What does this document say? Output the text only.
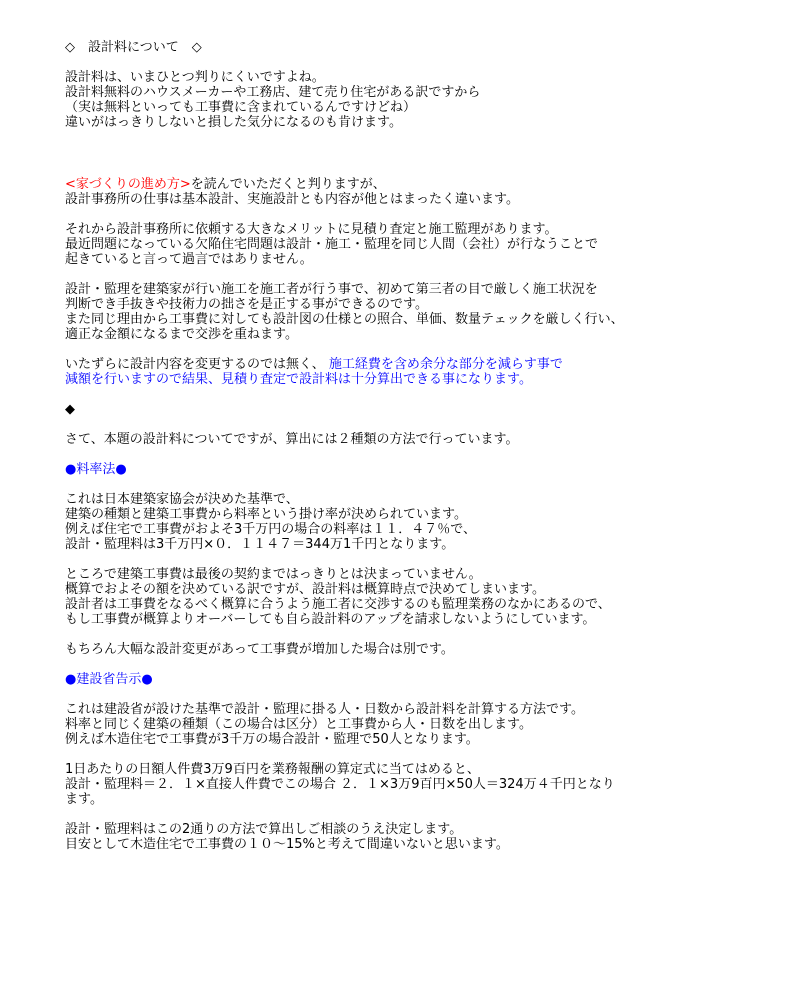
◇　設計料について　◇
設計料は、いまひとつ判りにくいですよね。
設計料無料のハウスメーカーや工務店、建て売り住宅がある訳ですから
（実は無料といっても工事費に含まれているんですけどね）
違いがはっきりしないと損した気分になるのも肯けます。
<家づくりの進め方>を読んでいただくと判りますが、
設計事務所の仕事は基本設計、実施設計とも内容が他とはまったく違います。
それから設計事務所に依頼する大きなメリットに見積り査定と施工監理があります。
最近問題になっている欠陥住宅問題は設計・施工・監理を同じ人間（会社）が行なうことで
起きていると言って過言ではありません。
設計・監理を建築家が行い施工を施工者が行う事で、初めて第三者の目で厳しく施工状況を
判断でき手抜きや技術力の拙さを是正する事ができるのです。
また同じ理由から工事費に対しても設計図の仕様との照合、単価、数量テェックを厳しく行い、
適正な金額になるまで交渉を重ねます。
いたずらに設計内容を変更するのでは無く、 施工経費を含め余分な部分を減らす事で
減額を行いますので結果、見積り査定で設計料は十分算出できる事になります。
◆
さて、本題の設計料についてですが、算出には２種類の方法で行っています。
●料率法●
これは日本建築家協会が決めた基準で、
建築の種類と建築工事費から料率という掛け率が決められています。
例えば住宅で工事費がおよそ3千万円の場合の料率は１１．４７％で、
設計・監理料は3千万円×０．１１４７＝344万1千円となります。
ところで建築工事費は最後の契約まではっきりとは決まっていません。
概算でおよその額を決めている訳ですが、設計料は概算時点で決めてしまいます。
設計者は工事費をなるべく概算に合うよう施工者に交渉するのも監理業務のなかにあるので、
もし工事費が概算よりオーバーしても自ら設計料のアップを請求しないようにしています。
もちろん大幅な設計変更があって工事費が増加した場合は別です。
●建設省告示●
これは建設省が設けた基準で設計・監理に掛る人・日数から設計料を計算する方法です。
料率と同じく建築の種類（この場合は区分）と工事費から人・日数を出します。
例えば木造住宅で工事費が3千万の場合設計・監理で50人となります。
1日あたりの日額人件費3万9百円を業務報酬の算定式に当てはめると、
設計・監理料＝２．１×直接人件費でこの場合 ２．１×3万9百円×50人＝324万４千円となり
ます。
設計・監理料はこの2通りの方法で算出しご相談のうえ決定します。
目安として木造住宅で工事費の１０～15%と考えて間違いないと思います。
